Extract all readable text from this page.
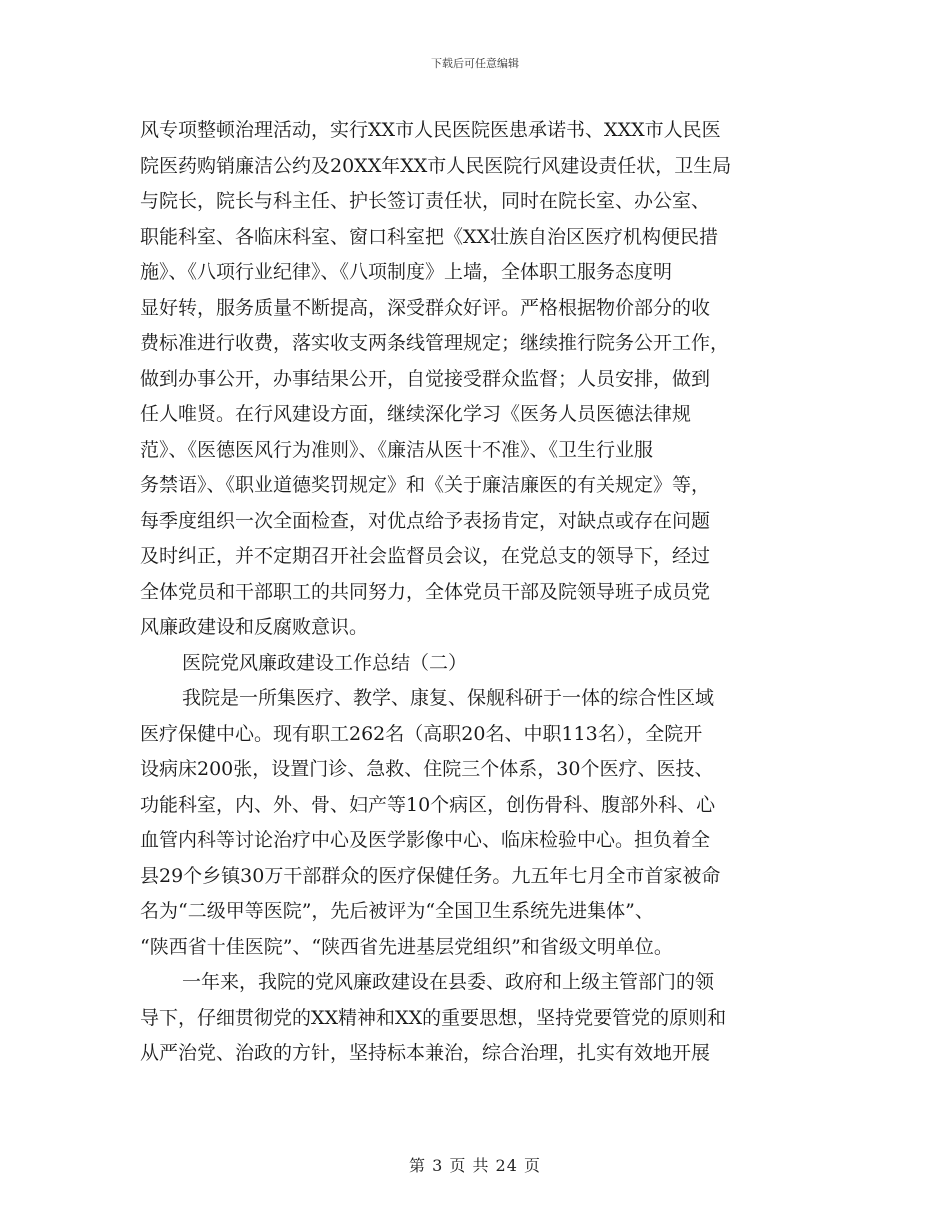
下载后可任意编辑
风专项整顿治理活动，实行XX市人民医院医患承诺书、XXX市人民医
院医药购销廉洁公约及20XX年XX市人民医院行风建设责任状，卫生局
与院长，院长与科主任、护长签订责任状，同时在院长室、办公室、
职能科室、各临床科室、窗口科室把《XX壮族自治区医疗机构便民措
施》、《八项行业纪律》、《八项制度》上墙，全体职工服务态度明
显好转，服务质量不断提高，深受群众好评。严格根据物价部分的收
费标准进行收费，落实收支两条线管理规定；继续推行院务公开工作，
做到办事公开，办事结果公开，自觉接受群众监督；人员安排，做到
任人唯贤。在行风建设方面，继续深化学习《医务人员医德法律规
范》、《医德医风行为准则》、《廉洁从医十不准》、《卫生行业服
务禁语》、《职业道德奖罚规定》和《关于廉洁廉医的有关规定》等，
每季度组织一次全面检查，对优点给予表扬肯定，对缺点或存在问题
及时纠正，并不定期召开社会监督员会议，在党总支的领导下，经过
全体党员和干部职工的共同努力，全体党员干部及院领导班子成员党
风廉政建设和反腐败意识。
医院党风廉政建设工作总结（二）
我院是一所集医疗、教学、康复、保舰科研于一体的综合性区域
医疗保健中心。现有职工262名（高职20名、中职113名），全院开
设病床200张，设置门诊、急救、住院三个体系，30个医疗、医技、
功能科室，内、外、骨、妇产等10个病区，创伤骨科、腹部外科、心
血管内科等讨论治疗中心及医学影像中心、临床检验中心。担负着全
县29个乡镇30万干部群众的医疗保健任务。九五年七月全市首家被命
名为“二级甲等医院”，先后被评为“全国卫生系统先进集体”、
“陕西省十佳医院”、“陕西省先进基层党组织”和省级文明单位。
一年来，我院的党风廉政建设在县委、政府和上级主管部门的领
导下，仔细贯彻党的XX精神和XX的重要思想，坚持党要管党的原则和
从严治党、治政的方针，坚持标本兼治，综合治理，扎实有效地开展
第 3 页 共 24 页
